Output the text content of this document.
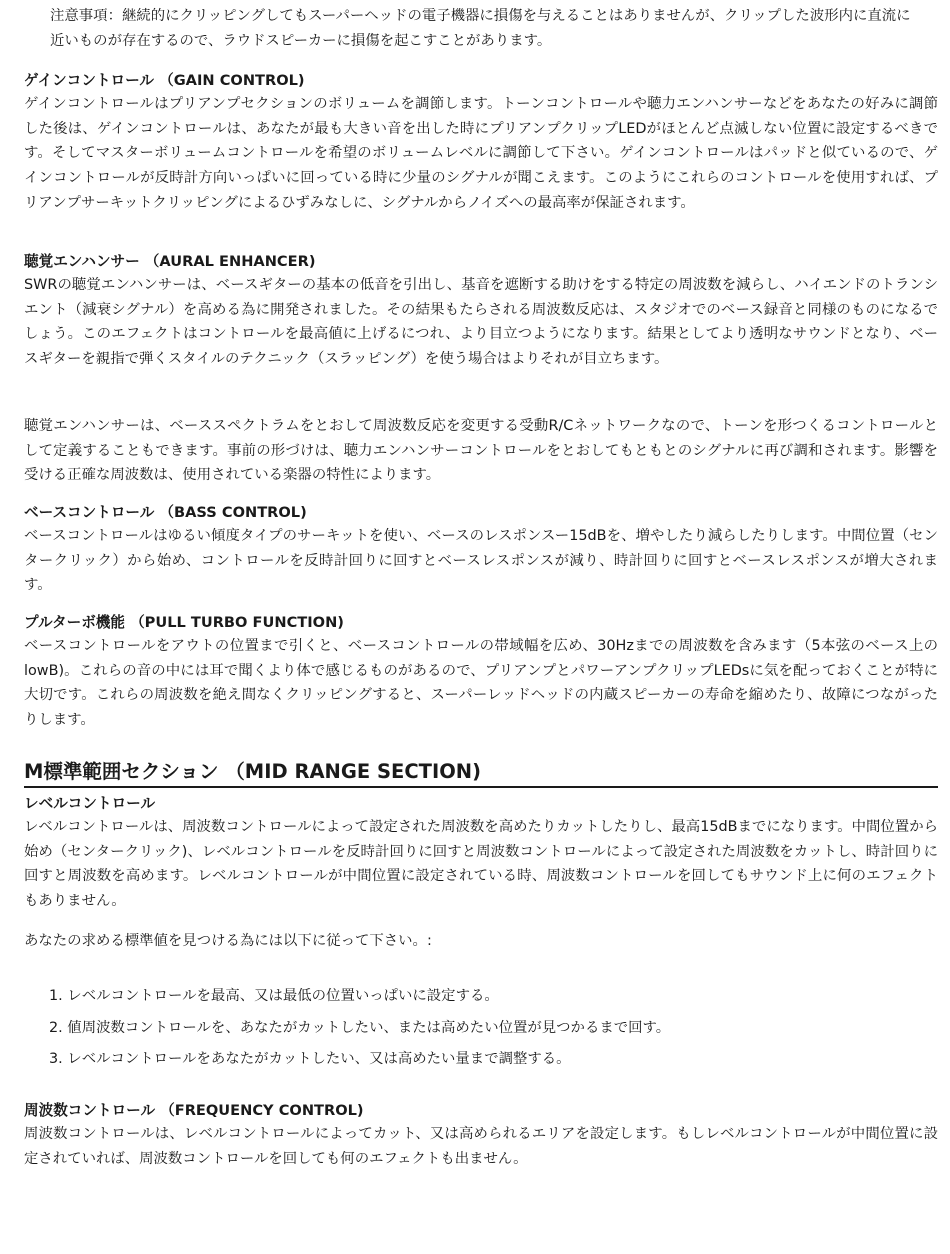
注意事項：継続的にクリッピングしてもスーパーヘッドの電子機器に損傷を与えることはありませんが、クリップした波形内に直流に近いものが存在するので、ラウドスピーカーに損傷を起こすことがあります。

ゲインコントロール （GAIN CONTROL)

ゲインコントロールはプリアンプセクションのボリュームを調節します。トーンコントロールや聴力エンハンサーなどをあなたの好みに調節した後は、ゲインコントロールは、あなたが最も大きい音を出した時にプリアンプクリップLEDがほとんど点滅しない位置に設定するべきです。そしてマスターボリュームコントロールを希望のボリュームレベルに調節して下さい。ゲインコントロールはパッドと似ているので、ゲインコントロールが反時計方向いっぱいに回っている時に少量のシグナルが聞こえます。このようにこれらのコントロールを使用すれば、プリアンプサーキットクリッピングによるひずみなしに、シグナルからノイズへの最高率が保証されます。

聴覚エンハンサー （AURAL ENHANCER)

SWRの聴覚エンハンサーは、ベースギターの基本の低音を引出し、基音を遮断する助けをする特定の周波数を減らし、ハイエンドのトランシエント（減衰シグナル）を高める為に開発されました。その結果もたらされる周波数反応は、スタジオでのベース録音と同様のものになるでしょう。このエフェクトはコントロールを最高値に上げるにつれ、より目立つようになります。結果としてより透明なサウンドとなり、ベースギターを親指で弾くスタイルのテクニック（スラッピング）を使う場合はよりそれが目立ちます。

聴覚エンハンサーは、ベーススペクトラムをとおして周波数反応を変更する受動R/Cネットワークなので、トーンを形つくるコントロールとして定義することもできます。事前の形づけは、聴力エンハンサーコントロールをとおしてもともとのシグナルに再び調和されます。影響を受ける正確な周波数は、使用されている楽器の特性によります。

ベースコントロール （BASS CONTROL)

ベースコントロールはゆるい傾度タイプのサーキットを使い、ベースのレスポンスー15dBを、増やしたり減らしたりします。中間位置（センタークリック）から始め、コントロールを反時計回りに回すとベースレスポンスが減り、時計回りに回すとベースレスポンスが増大されます。

プルターボ機能 （PULL TURBO FUNCTION)

ベースコントロールをアウトの位置まで引くと、ベースコントロールの帯域幅を広め、30Hzまでの周波数を含みます（5本弦のベース上のlowB)。これらの音の中には耳で聞くより体で感じるものがあるので、プリアンプとパワーアンプクリップLEDsに気を配っておくことが特に大切です。これらの周波数を絶え間なくクリッピングすると、スーパーレッドヘッドの内蔵スピーカーの寿命を縮めたり、故障につながったりします。

M標準範囲セクション （MID RANGE SECTION)
レベルコントロール

レベルコントロールは、周波数コントロールによって設定された周波数を高めたりカットしたりし、最高15dBまでになります。中間位置から始め（センタークリック)、レベルコントロールを反時計回りに回すと周波数コントロールによって設定された周波数をカットし、時計回りに回すと周波数を高めます。レベルコントロールが中間位置に設定されている時、周波数コントロールを回してもサウンド上に何のエフェクトもありません。

あなたの求める標準値を見つける為には以下に従って下さい。:

1. レベルコントロールを最高、又は最低の位置いっぱいに設定する。
2. 値周波数コントロールを、あなたがカットしたい、または高めたい位置が見つかるまで回す。
3. レベルコントロールをあなたがカットしたい、又は高めたい量まで調整する。
周波数コントロール （FREQUENCY CONTROL)

周波数コントロールは、レベルコントロールによってカット、又は高められるエリアを設定します。もしレベルコントロールが中間位置に設定されていれば、周波数コントロールを回しても何のエフェクトも出ません。
